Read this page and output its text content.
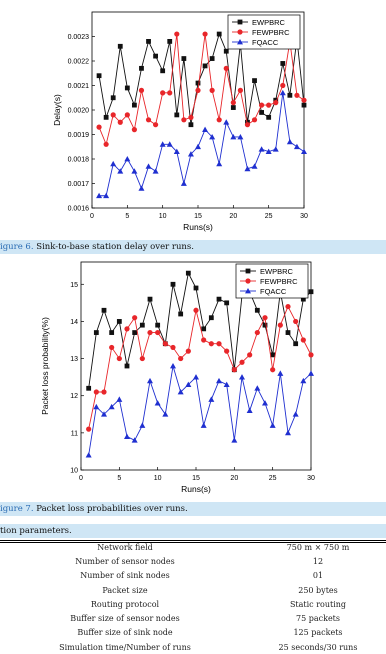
0	5	10	15	20	25	30
0.0016
0.0017
0.0018
0.0019
0.0020
0.0021
0.0022
0.0023
Runs(s)
Delay(s)
EWPBRC
FEWPBRC
FQACC
igure 6. Sink-to-base station delay over runs.
0	5	10	15	20	25	30
10
11
12
13
14
15
Runs(s)
Packet loss probability(%)
EWPBRC
FEWPBRC
FQACC
igure 7. Packet loss probabilities over runs.
tion parameters.
Network field	750 m × 750 m
Number of sensor nodes	12
Number of sink nodes	01
Packet size	250 bytes
Routing protocol	Static routing
Buffer size of sensor nodes	75 packets
Buffer size of sink node	125 packets
Simulation time/Number of runs	25 seconds/30 runs
